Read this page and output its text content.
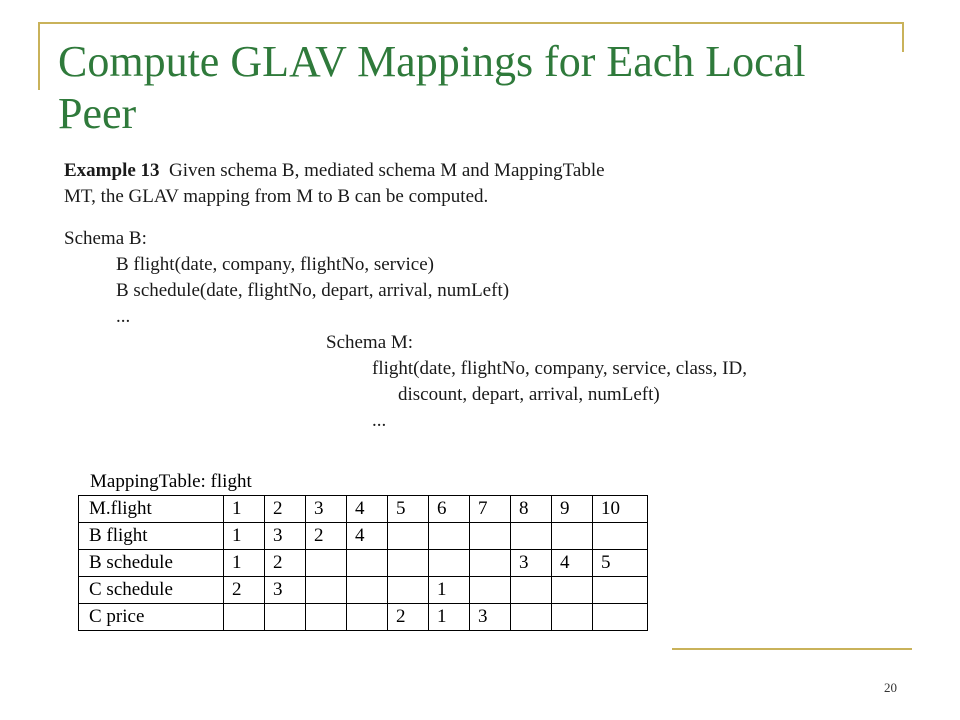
Compute GLAV Mappings for Each Local Peer
Example 13 Given schema B, mediated schema M and MappingTable
MT, the GLAV mapping from M to B can be computed.
Schema B:
B flight(date, company, flightNo, service)
B schedule(date, flightNo, depart, arrival, numLeft)
...
Schema M:
flight(date, flightNo, company, service, class, ID,
discount, depart, arrival, numLeft)
...
MappingTable: flight
M.flight	1	2	3	4	5	6	7	8	9	10
B flight	1	3	2	4						
B schedule	1	2						3	4	5
C schedule	2	3				1				
C price					2	1	3			
20
